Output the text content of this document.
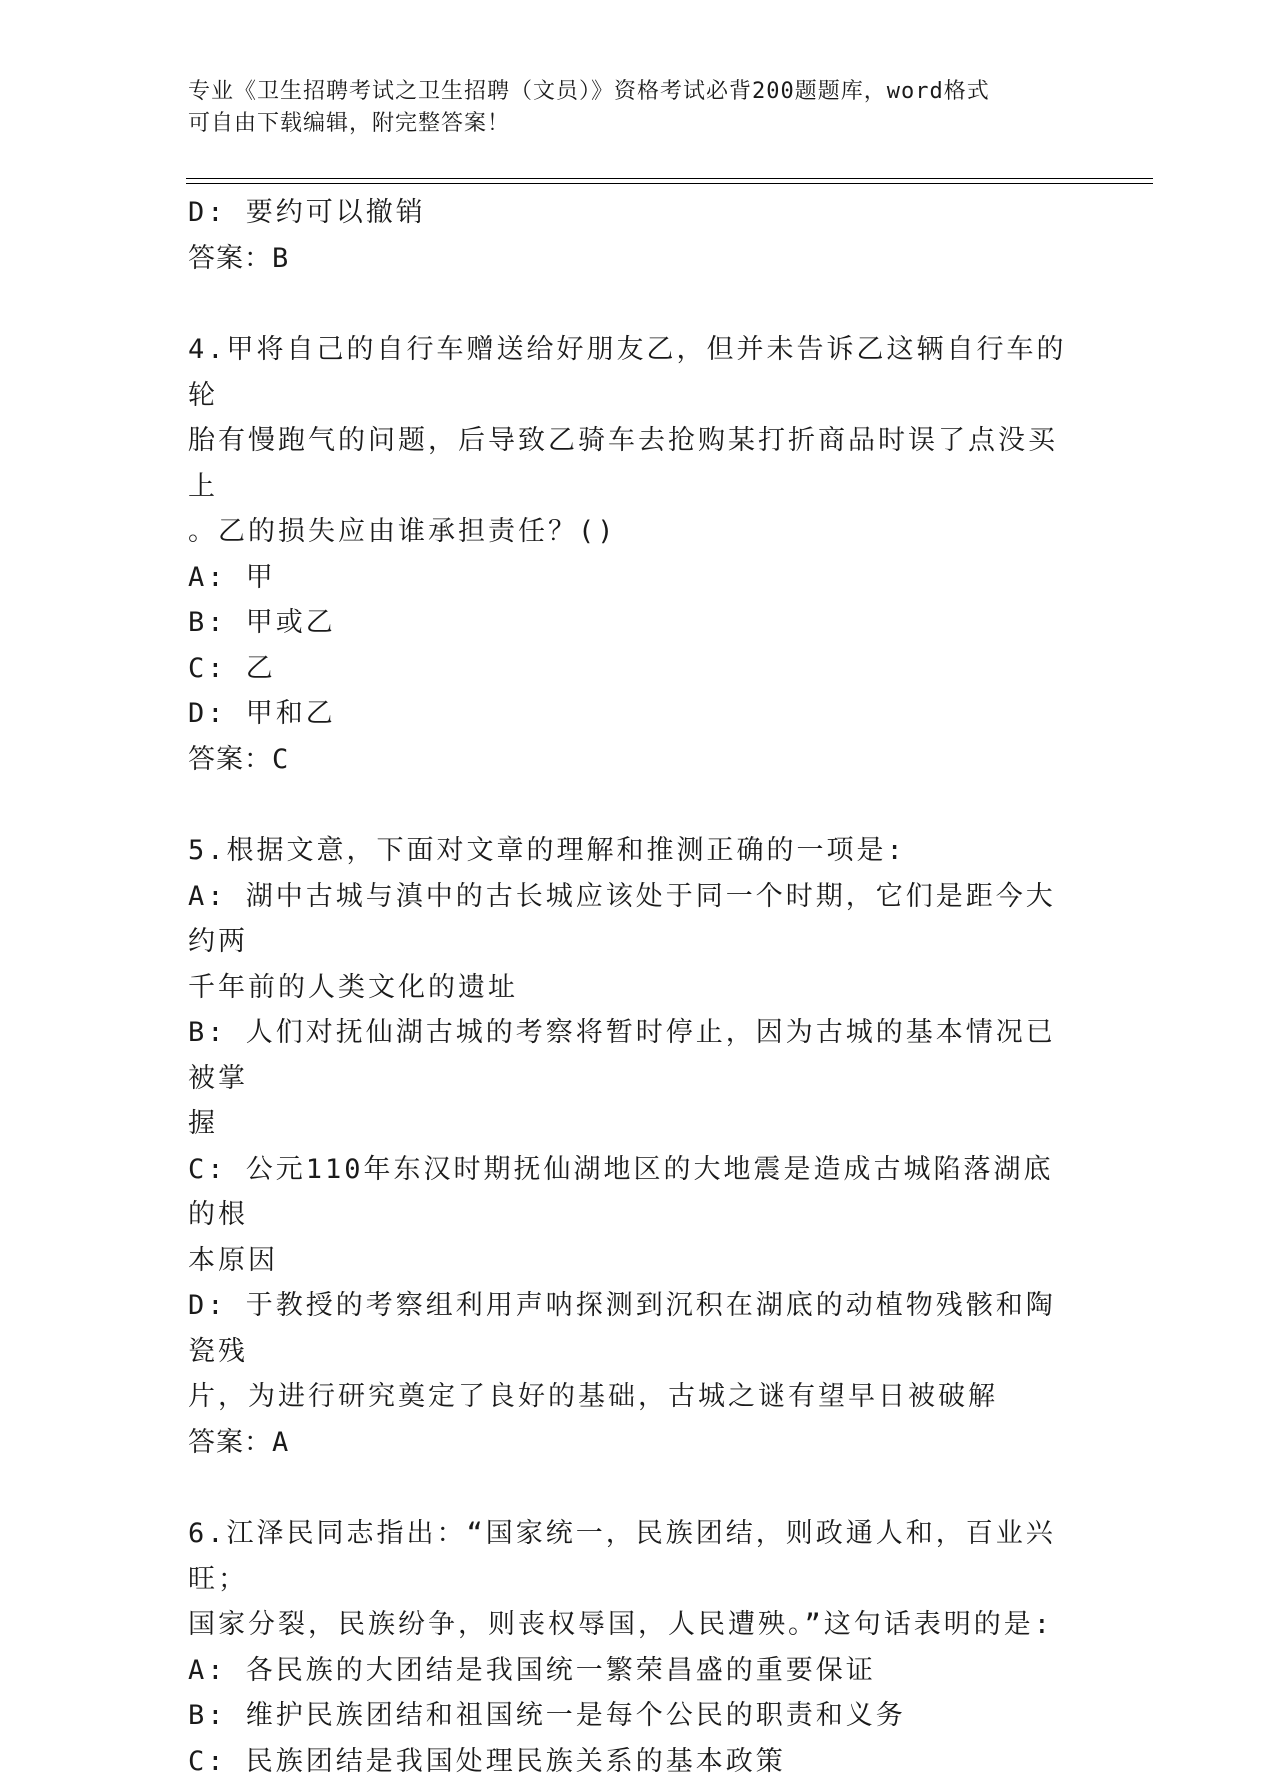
专业《卫生招聘考试之卫生招聘（文员）》资格考试必背200题题库，word格式
可自由下载编辑，附完整答案！
D: 要约可以撤销
答案：B
4.甲将自己的自行车赠送给好朋友乙，但并未告诉乙这辆自行车的轮
胎有慢跑气的问题，后导致乙骑车去抢购某打折商品时误了点没买上
。乙的损失应由谁承担责任？()
A: 甲
B: 甲或乙
C: 乙
D: 甲和乙
答案：C
5.根据文意，下面对文章的理解和推测正确的一项是:
A: 湖中古城与滇中的古长城应该处于同一个时期，它们是距今大约两
千年前的人类文化的遗址
B: 人们对抚仙湖古城的考察将暂时停止，因为古城的基本情况已被掌
握
C: 公元110年东汉时期抚仙湖地区的大地震是造成古城陷落湖底的根
本原因
D: 于教授的考察组利用声呐探测到沉积在湖底的动植物残骸和陶瓷残
片，为进行研究奠定了良好的基础，古城之谜有望早日被破解
答案：A
6.江泽民同志指出：“国家统一，民族团结，则政通人和，百业兴旺；
国家分裂，民族纷争，则丧权辱国，人民遭殃。”这句话表明的是:
A: 各民族的大团结是我国统一繁荣昌盛的重要保证
B: 维护民族团结和祖国统一是每个公民的职责和义务
C: 民族团结是我国处理民族关系的基本政策
